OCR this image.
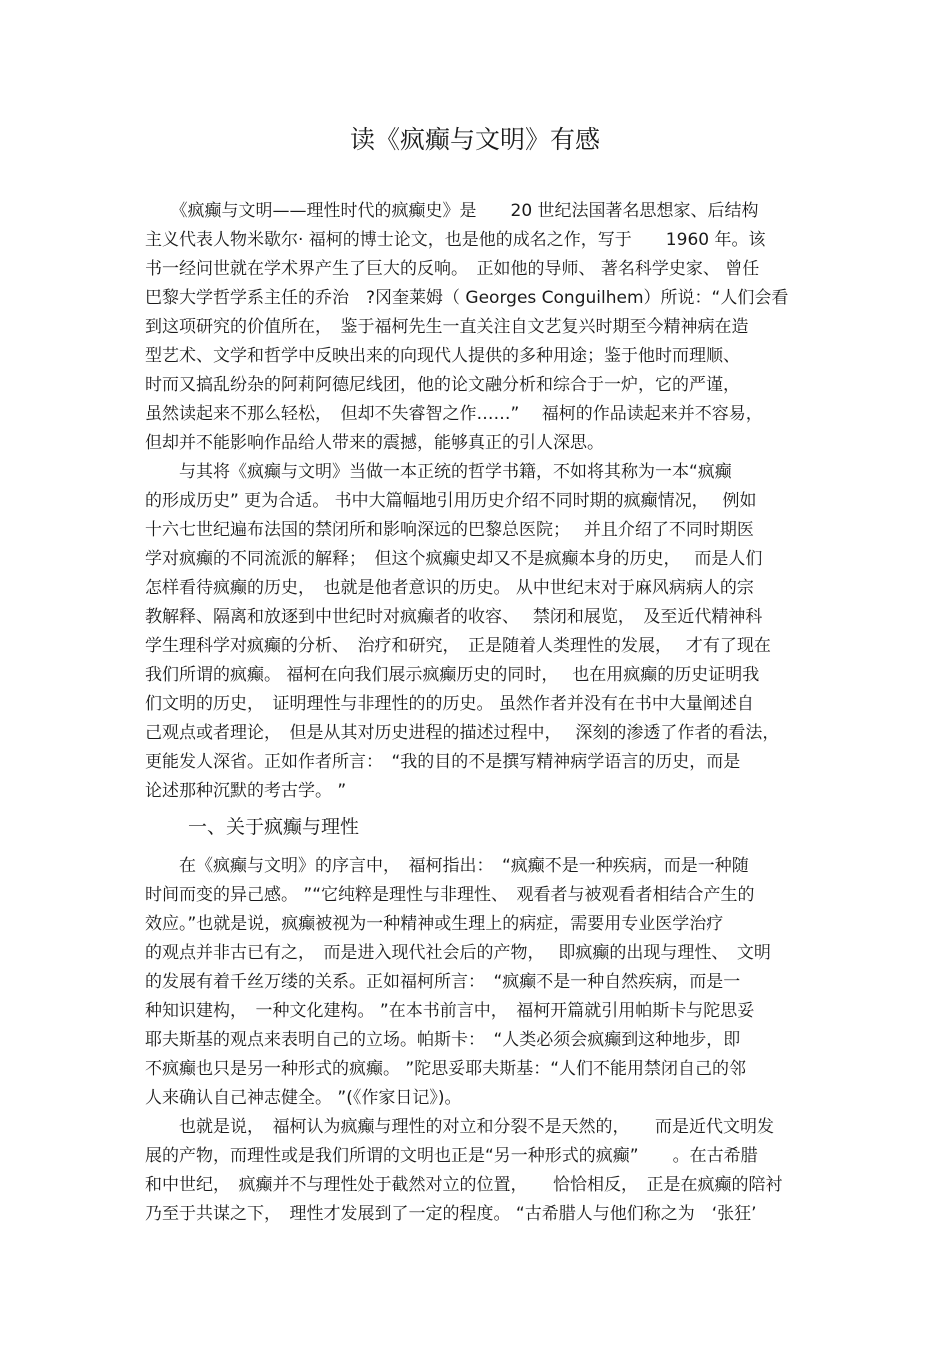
读《疯癫与文明》有感
　　《疯癫与文明——理性时代的疯癫史》是　　20 世纪法国著名思想家、后结构
主义代表人物米歇尔· 福柯的博士论文，也是他的成名之作，写于　　1960 年。该
书一经问世就在学术界产生了巨大的反响。　正如他的导师、 著名科学史家、 曾任
巴黎大学哲学系主任的乔治　?冈奎莱姆（ Georges Conguilhem）所说：“人们会看
到这项研究的价值所在，　鉴于福柯先生一直关注自文艺复兴时期至今精神病在造
型艺术、文学和哲学中反映出来的向现代人提供的多种用途；鉴于他时而理顺、
时而又搞乱纷杂的阿莉阿德尼线团，他的论文融分析和综合于一炉，它的严谨，
虽然读起来不那么轻松，　但却不失睿智之作……”　 福柯的作品读起来并不容易，
但却并不能影响作品给人带来的震撼，能够真正的引人深思。
　　与其将《疯癫与文明》当做一本正统的哲学书籍，不如将其称为一本“疯癫
的形成历史” 更为合适。 书中大篇幅地引用历史介绍不同时期的疯癫情况，　 例如
十六七世纪遍布法国的禁闭所和影响深远的巴黎总医院；　 并且介绍了不同时期医
学对疯癫的不同流派的解释；　但这个疯癫史却又不是疯癫本身的历史，　 而是人们
怎样看待疯癫的历史，　也就是他者意识的历史。 从中世纪末对于麻风病病人的宗
教解释、隔离和放逐到中世纪时对疯癫者的收容、　 禁闭和展览，　及至近代精神科
学生理科学对疯癫的分析、　治疗和研究，　正是随着人类理性的发展，　 才有了现在
我们所谓的疯癫。 福柯在向我们展示疯癫历史的同时，　 也在用疯癫的历史证明我
们文明的历史，　证明理性与非理性的的历史。 虽然作者并没有在书中大量阐述自
己观点或者理论，　但是从其对历史进程的描述过程中，　 深刻的渗透了作者的看法，
更能发人深省。正如作者所言：　“我的目的不是撰写精神病学语言的历史，而是
论述那种沉默的考古学。 ”
一、关于疯癫与理性
　　在《疯癫与文明》的序言中，　福柯指出：　“疯癫不是一种疾病，而是一种随
时间而变的异己感。 ”“它纯粹是理性与非理性、　观看者与被观看者相结合产生的
效应。”也就是说，疯癫被视为一种精神或生理上的病症，需要用专业医学治疗
的观点并非古已有之，　而是进入现代社会后的产物，　 即疯癫的出现与理性、　文明
的发展有着千丝万缕的关系。正如福柯所言：　“疯癫不是一种自然疾病，而是一
种知识建构，　一种文化建构。 ”在本书前言中，　福柯开篇就引用帕斯卡与陀思妥
耶夫斯基的观点来表明自己的立场。帕斯卡：　“人类必须会疯癫到这种地步，即
不疯癫也只是另一种形式的疯癫。 ”陀思妥耶夫斯基：“人们不能用禁闭自己的邻
人来确认自己神志健全。 ”(《作家日记》)。
　　也就是说，　福柯认为疯癫与理性的对立和分裂不是天然的，　　而是近代文明发
展的产物，而理性或是我们所谓的文明也正是“另一种形式的疯癫”　　。在古希腊
和中世纪，　疯癫并不与理性处于截然对立的位置，　　恰恰相反，　正是在疯癫的陪衬
乃至于共谋之下，　理性才发展到了一定的程度。 “古希腊人与他们称之为　‘张狂’
